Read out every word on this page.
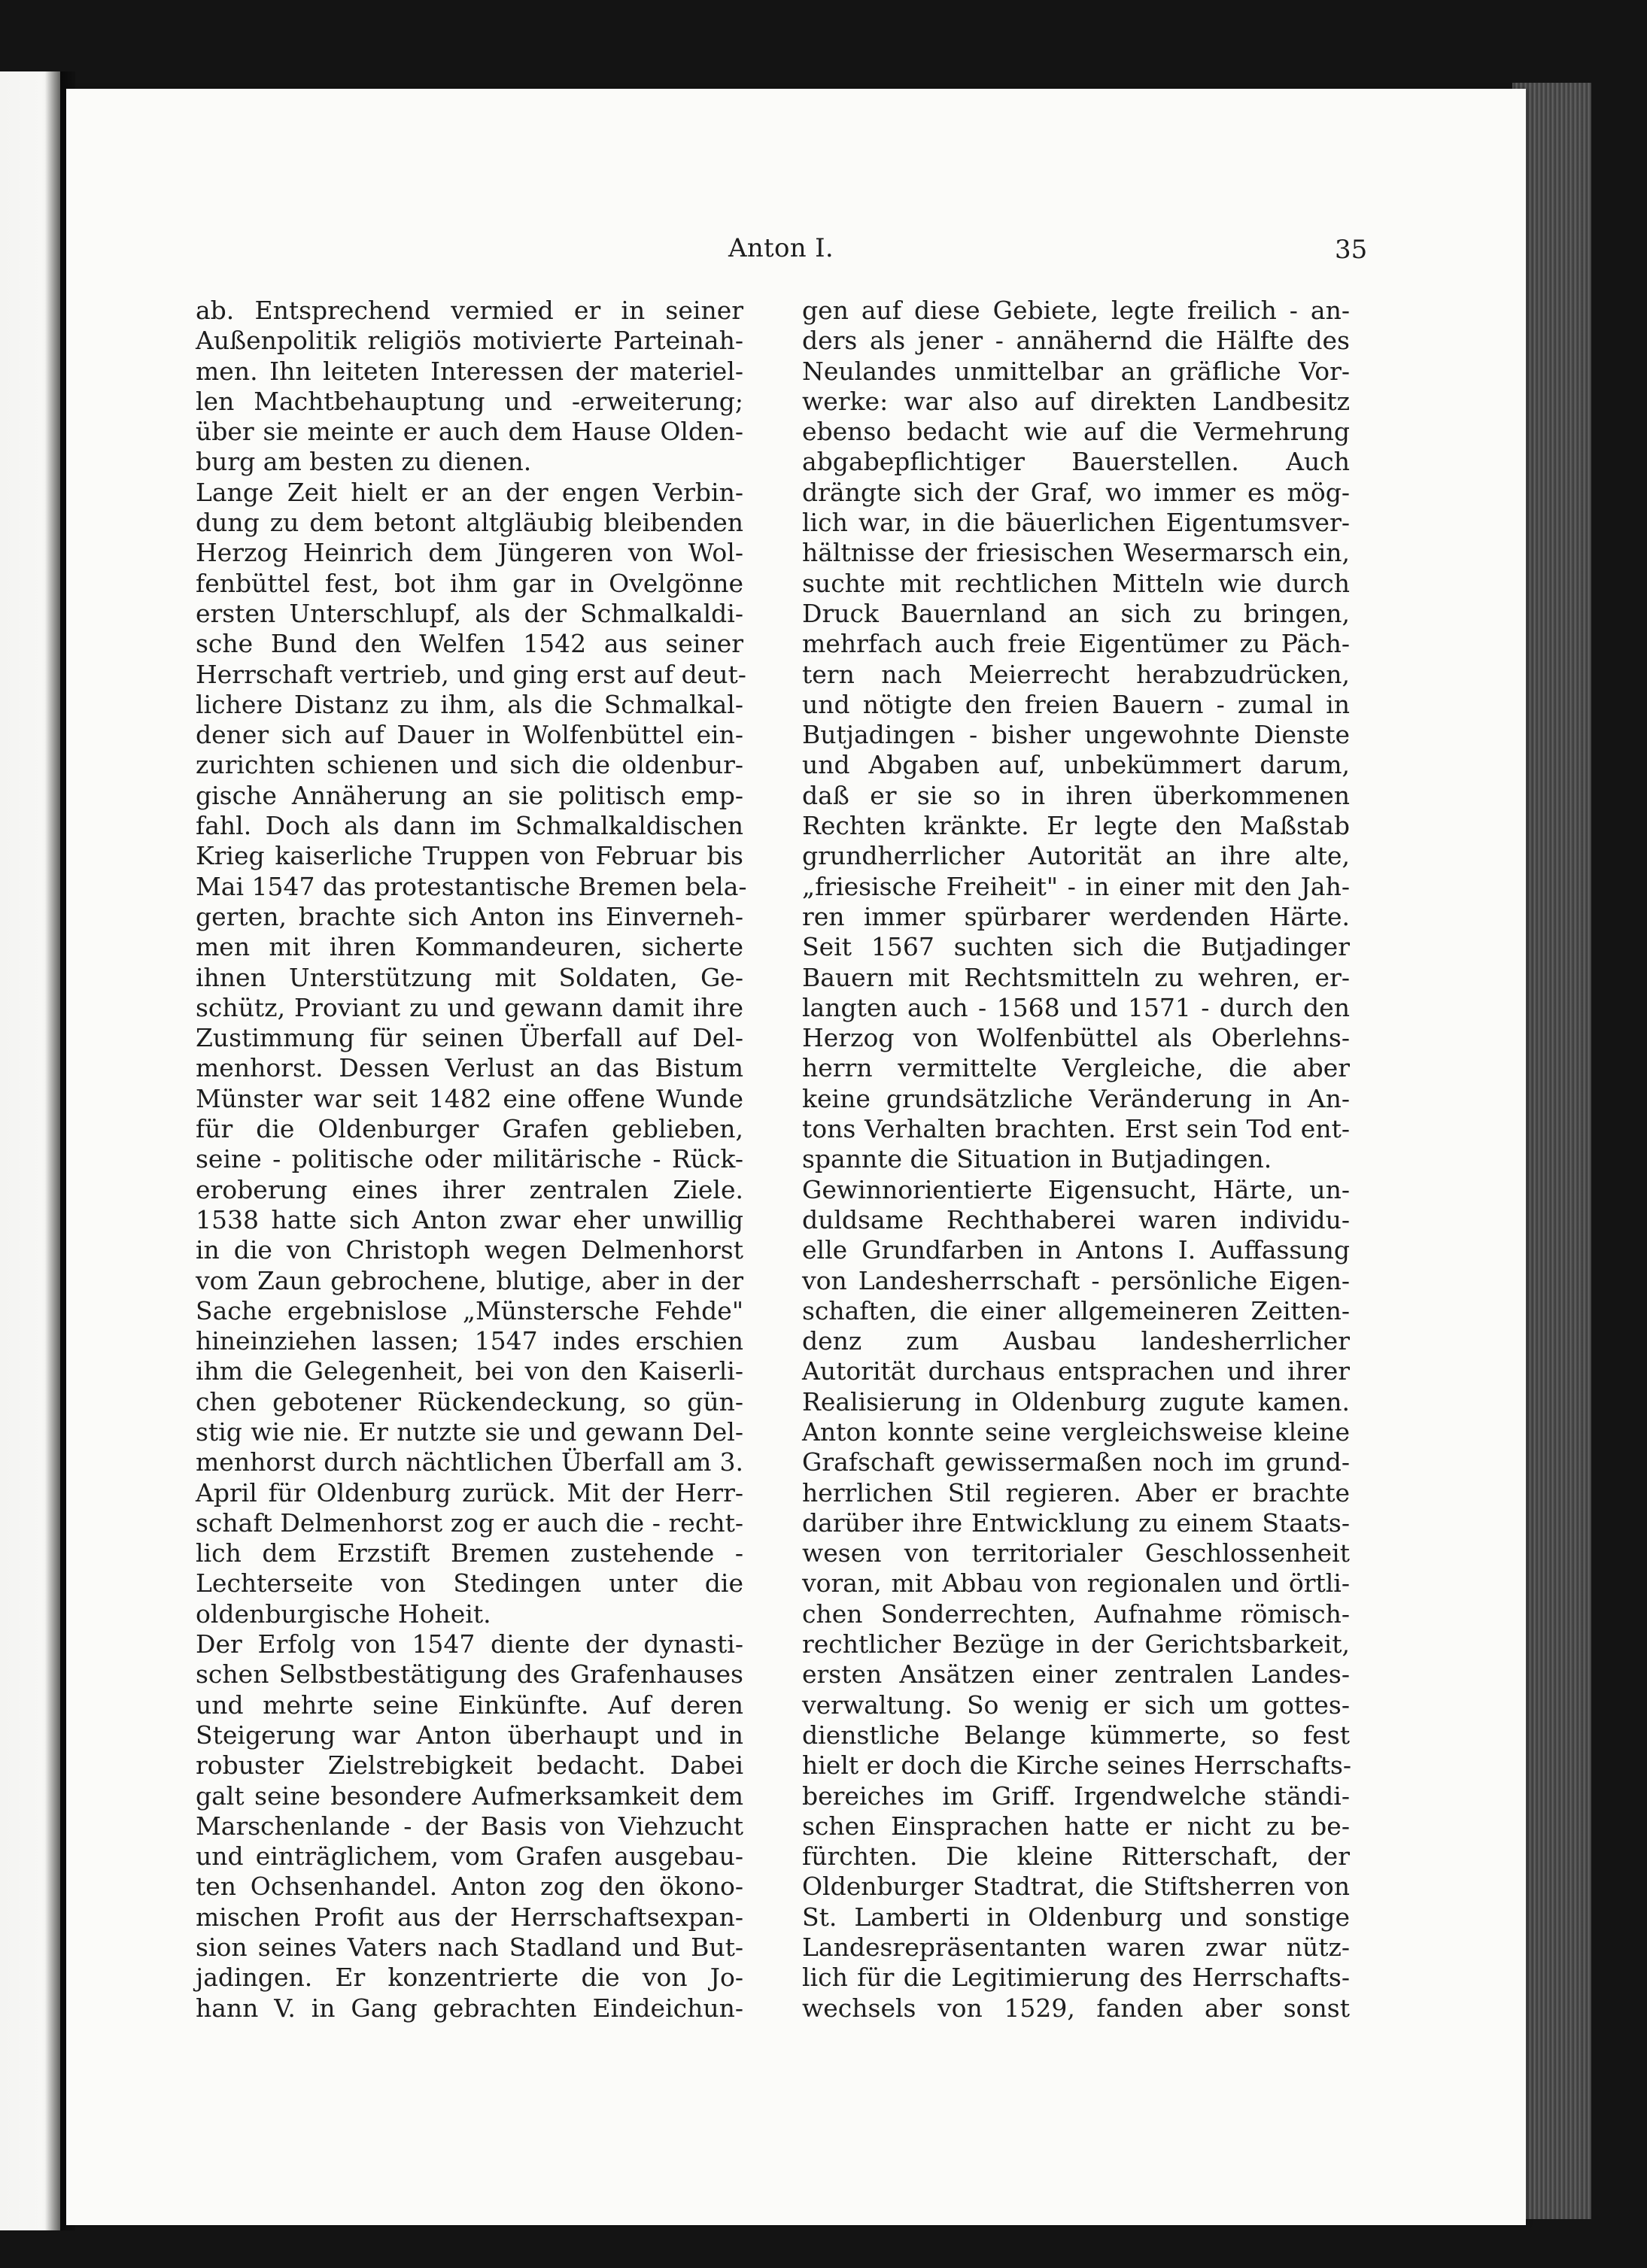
Anton I.	35
ab. Entsprechend vermied er in seiner
Außenpolitik religiös motivierte Parteinah-
men. Ihn leiteten Interessen der materiel-
len Machtbehauptung und -erweiterung;
über sie meinte er auch dem Hause Olden-
burg am besten zu dienen.
Lange Zeit hielt er an der engen Verbin-
dung zu dem betont altgläubig bleibenden
Herzog Heinrich dem Jüngeren von Wol-
fenbüttel fest, bot ihm gar in Ovelgönne
ersten Unterschlupf, als der Schmalkaldi-
sche Bund den Welfen 1542 aus seiner
Herrschaft vertrieb, und ging erst auf deut-
lichere Distanz zu ihm, als die Schmalkal-
dener sich auf Dauer in Wolfenbüttel ein-
zurichten schienen und sich die oldenbur-
gische Annäherung an sie politisch emp-
fahl. Doch als dann im Schmalkaldischen
Krieg kaiserliche Truppen von Februar bis
Mai 1547 das protestantische Bremen bela-
gerten, brachte sich Anton ins Einverneh-
men mit ihren Kommandeuren, sicherte
ihnen Unterstützung mit Soldaten, Ge-
schütz, Proviant zu und gewann damit ihre
Zustimmung für seinen Überfall auf Del-
menhorst. Dessen Verlust an das Bistum
Münster war seit 1482 eine offene Wunde
für die Oldenburger Grafen geblieben,
seine - politische oder militärische - Rück-
eroberung eines ihrer zentralen Ziele.
1538 hatte sich Anton zwar eher unwillig
in die von Christoph wegen Delmenhorst
vom Zaun gebrochene, blutige, aber in der
Sache ergebnislose „Münstersche Fehde"
hineinziehen lassen; 1547 indes erschien
ihm die Gelegenheit, bei von den Kaiserli-
chen gebotener Rückendeckung, so gün-
stig wie nie. Er nutzte sie und gewann Del-
menhorst durch nächtlichen Überfall am 3.
April für Oldenburg zurück. Mit der Herr-
schaft Delmenhorst zog er auch die - recht-
lich dem Erzstift Bremen zustehende -
Lechterseite von Stedingen unter die
oldenburgische Hoheit.
Der Erfolg von 1547 diente der dynasti-
schen Selbstbestätigung des Grafenhauses
und mehrte seine Einkünfte. Auf deren
Steigerung war Anton überhaupt und in
robuster Zielstrebigkeit bedacht. Dabei
galt seine besondere Aufmerksamkeit dem
Marschenlande - der Basis von Viehzucht
und einträglichem, vom Grafen ausgebau-
ten Ochsenhandel. Anton zog den ökono-
mischen Profit aus der Herrschaftsexpan-
sion seines Vaters nach Stadland und But-
jadingen. Er konzentrierte die von Jo-
hann V. in Gang gebrachten Eindeichun-
gen auf diese Gebiete, legte freilich - an-
ders als jener - annähernd die Hälfte des
Neulandes unmittelbar an gräfliche Vor-
werke: war also auf direkten Landbesitz
ebenso bedacht wie auf die Vermehrung
abgabepflichtiger Bauerstellen. Auch
drängte sich der Graf, wo immer es mög-
lich war, in die bäuerlichen Eigentumsver-
hältnisse der friesischen Wesermarsch ein,
suchte mit rechtlichen Mitteln wie durch
Druck Bauernland an sich zu bringen,
mehrfach auch freie Eigentümer zu Päch-
tern nach Meierrecht herabzudrücken,
und nötigte den freien Bauern - zumal in
Butjadingen - bisher ungewohnte Dienste
und Abgaben auf, unbekümmert darum,
daß er sie so in ihren überkommenen
Rechten kränkte. Er legte den Maßstab
grundherrlicher Autorität an ihre alte,
„friesische Freiheit" - in einer mit den Jah-
ren immer spürbarer werdenden Härte.
Seit 1567 suchten sich die Butjadinger
Bauern mit Rechtsmitteln zu wehren, er-
langten auch - 1568 und 1571 - durch den
Herzog von Wolfenbüttel als Oberlehns-
herrn vermittelte Vergleiche, die aber
keine grundsätzliche Veränderung in An-
tons Verhalten brachten. Erst sein Tod ent-
spannte die Situation in Butjadingen.
Gewinnorientierte Eigensucht, Härte, un-
duldsame Rechthaberei waren individu-
elle Grundfarben in Antons I. Auffassung
von Landesherrschaft - persönliche Eigen-
schaften, die einer allgemeineren Zeitten-
denz zum Ausbau landesherrlicher
Autorität durchaus entsprachen und ihrer
Realisierung in Oldenburg zugute kamen.
Anton konnte seine vergleichsweise kleine
Grafschaft gewissermaßen noch im grund-
herrlichen Stil regieren. Aber er brachte
darüber ihre Entwicklung zu einem Staats-
wesen von territorialer Geschlossenheit
voran, mit Abbau von regionalen und örtli-
chen Sonderrechten, Aufnahme römisch-
rechtlicher Bezüge in der Gerichtsbarkeit,
ersten Ansätzen einer zentralen Landes-
verwaltung. So wenig er sich um gottes-
dienstliche Belange kümmerte, so fest
hielt er doch die Kirche seines Herrschafts-
bereiches im Griff. Irgendwelche ständi-
schen Einsprachen hatte er nicht zu be-
fürchten. Die kleine Ritterschaft, der
Oldenburger Stadtrat, die Stiftsherren von
St. Lamberti in Oldenburg und sonstige
Landesrepräsentanten waren zwar nütz-
lich für die Legitimierung des Herrschafts-
wechsels von 1529, fanden aber sonst
